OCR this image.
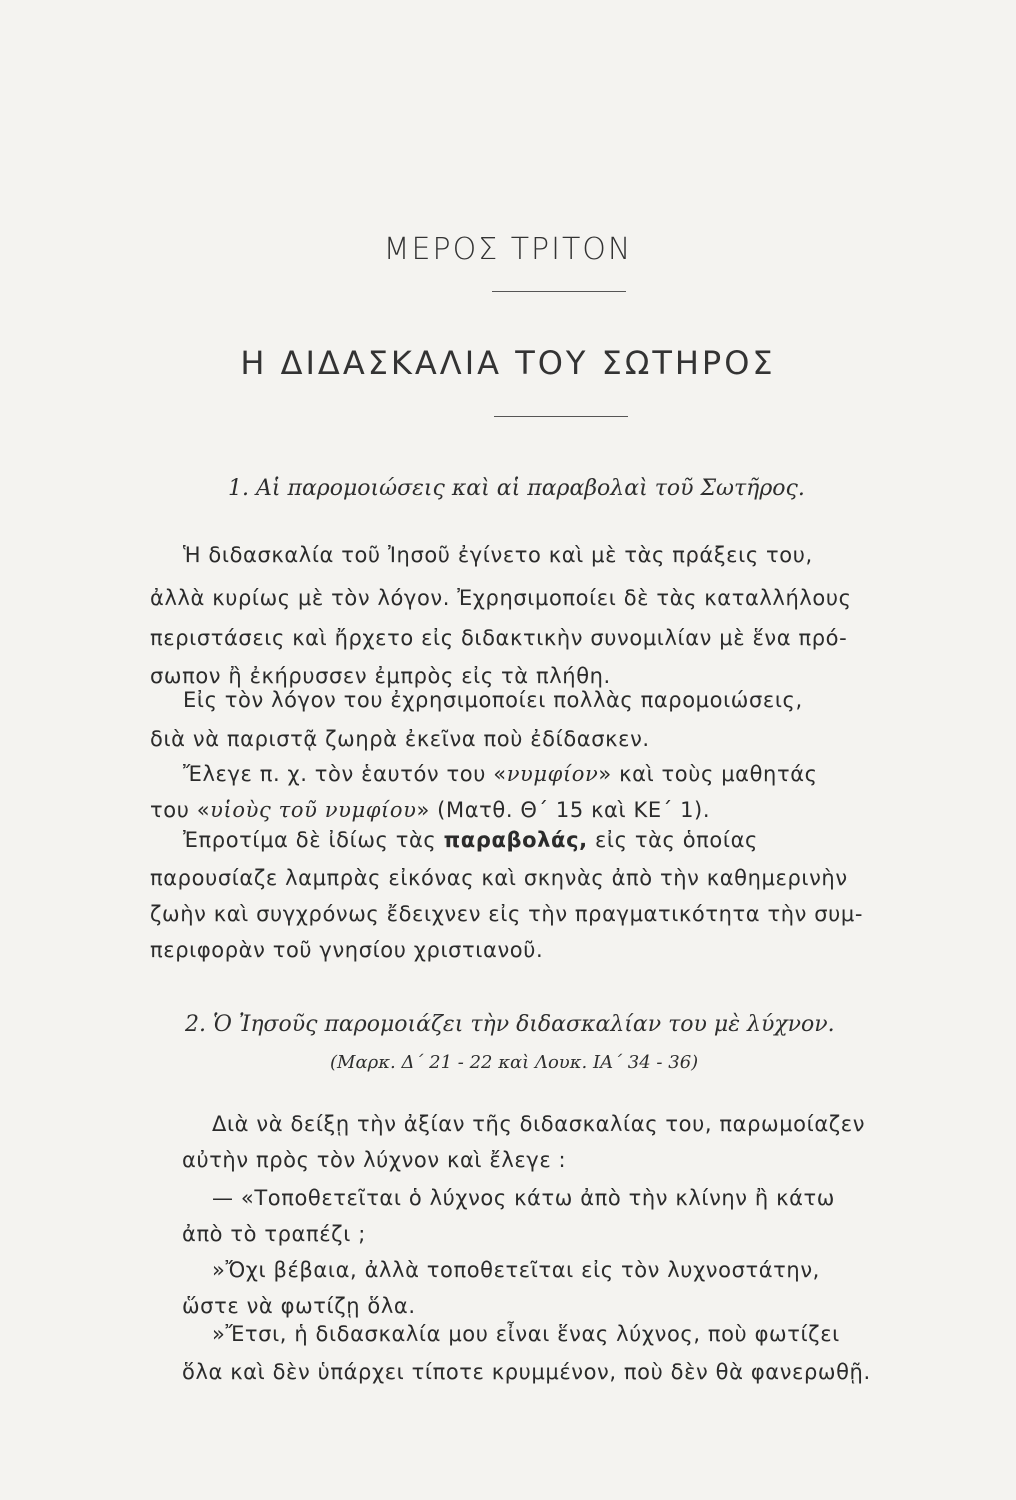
ΜΕΡΟΣ ΤΡΙΤΟΝ
Η ΔΙΔΑΣΚΑΛΙΑ ΤΟΥ ΣΩΤΗΡΟΣ
1. Αἱ παρομοιώσεις καὶ αἱ παραβολαὶ τοῦ Σωτῆρος.
Ἡ διδασκαλία τοῦ Ἰησοῦ ἐγίνετο καὶ μὲ τὰς πράξεις του,
ἀλλὰ κυρίως μὲ τὸν λόγον. Ἐχρησιμοποίει δὲ τὰς καταλλήλους
περιστάσεις καὶ ἤρχετο εἰς διδακτικὴν συνομιλίαν μὲ ἕνα πρό-
σωπον ἢ ἐκήρυσσεν ἐμπρὸς εἰς τὰ πλήθη.
Εἰς τὸν λόγον του ἐχρησιμοποίει πολλὰς παρομοιώσεις,
διὰ νὰ παριστᾷ ζωηρὰ ἐκεῖνα ποὺ ἐδίδασκεν.
Ἔλεγε π. χ. τὸν ἑαυτόν του «νυμφίον» καὶ τοὺς μαθητάς
του «υἱοὺς τοῦ νυμφίου» (Ματθ. Θ΄ 15 καὶ ΚΕ΄ 1).
Ἐπροτίμα δὲ ἰδίως τὰς παραβολάς, εἰς τὰς ὁποίας
παρουσίαζε λαμπρὰς εἰκόνας καὶ σκηνὰς ἀπὸ τὴν καθημερινὴν
ζωὴν καὶ συγχρόνως ἔδειχνεν εἰς τὴν πραγματικότητα τὴν συμ-
περιφορὰν τοῦ γνησίου χριστιανοῦ.
2. Ὁ Ἰησοῦς παρομοιάζει τὴν διδασκαλίαν του μὲ λύχνον.
(Μαρκ. Δ΄ 21 - 22 καὶ Λουκ. ΙΑ΄ 34 - 36)
Διὰ νὰ δείξῃ τὴν ἀξίαν τῆς διδασκαλίας του, παρωμοίαζεν
αὐτὴν πρὸς τὸν λύχνον καὶ ἔλεγε :
— «Τοποθετεῖται ὁ λύχνος κάτω ἀπὸ τὴν κλίνην ἢ κάτω
ἀπὸ τὸ τραπέζι ;
»Ὄχι βέβαια, ἀλλὰ τοποθετεῖται εἰς τὸν λυχνοστάτην,
ὥστε νὰ φωτίζῃ ὅλα.
»Ἔτσι, ἡ διδασκαλία μου εἶναι ἕνας λύχνος, ποὺ φωτίζει
ὅλα καὶ δὲν ὑπάρχει τίποτε κρυμμένον, ποὺ δὲν θὰ φανερωθῇ.
